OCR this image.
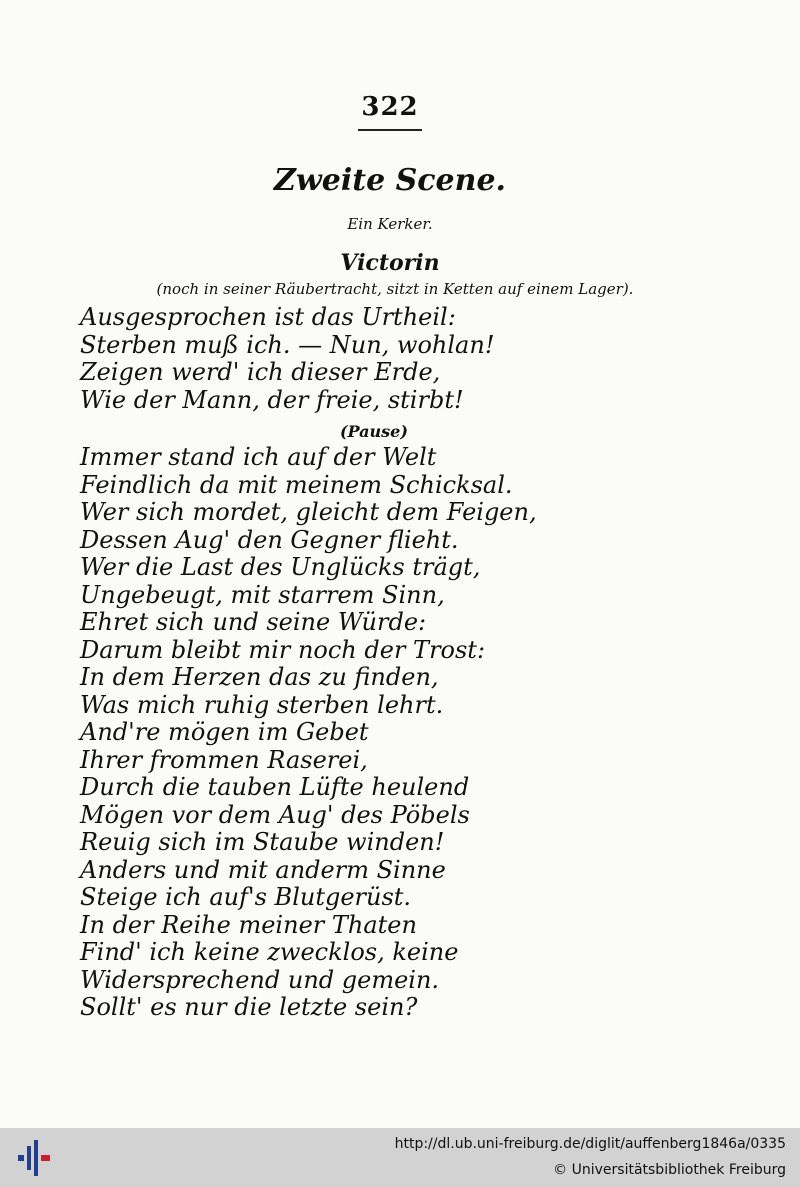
322
Zweite Scene.
Ein Kerker.
Victorin
(noch in seiner Räubertracht, sitzt in Ketten auf einem Lager).
Ausgesprochen ist das Urtheil:
Sterben muß ich. — Nun, wohlan!
Zeigen werd' ich dieser Erde,
Wie der Mann, der freie, stirbt!
(Pause)
Immer stand ich auf der Welt
Feindlich da mit meinem Schicksal.
Wer sich mordet, gleicht dem Feigen,
Dessen Aug' den Gegner flieht.
Wer die Last des Unglücks trägt,
Ungebeugt, mit starrem Sinn,
Ehret sich und seine Würde:
Darum bleibt mir noch der Trost:
In dem Herzen das zu finden,
Was mich ruhig sterben lehrt.
And're mögen im Gebet
Ihrer frommen Raserei,
Durch die tauben Lüfte heulend
Mögen vor dem Aug' des Pöbels
Reuig sich im Staube winden!
Anders und mit anderm Sinne
Steige ich auf's Blutgerüst.
In der Reihe meiner Thaten
Find' ich keine zwecklos, keine
Widersprechend und gemein.
Sollt' es nur die letzte sein?
http://dl.ub.uni-freiburg.de/diglit/auffenberg1846a/0335
© Universitätsbibliothek Freiburg
